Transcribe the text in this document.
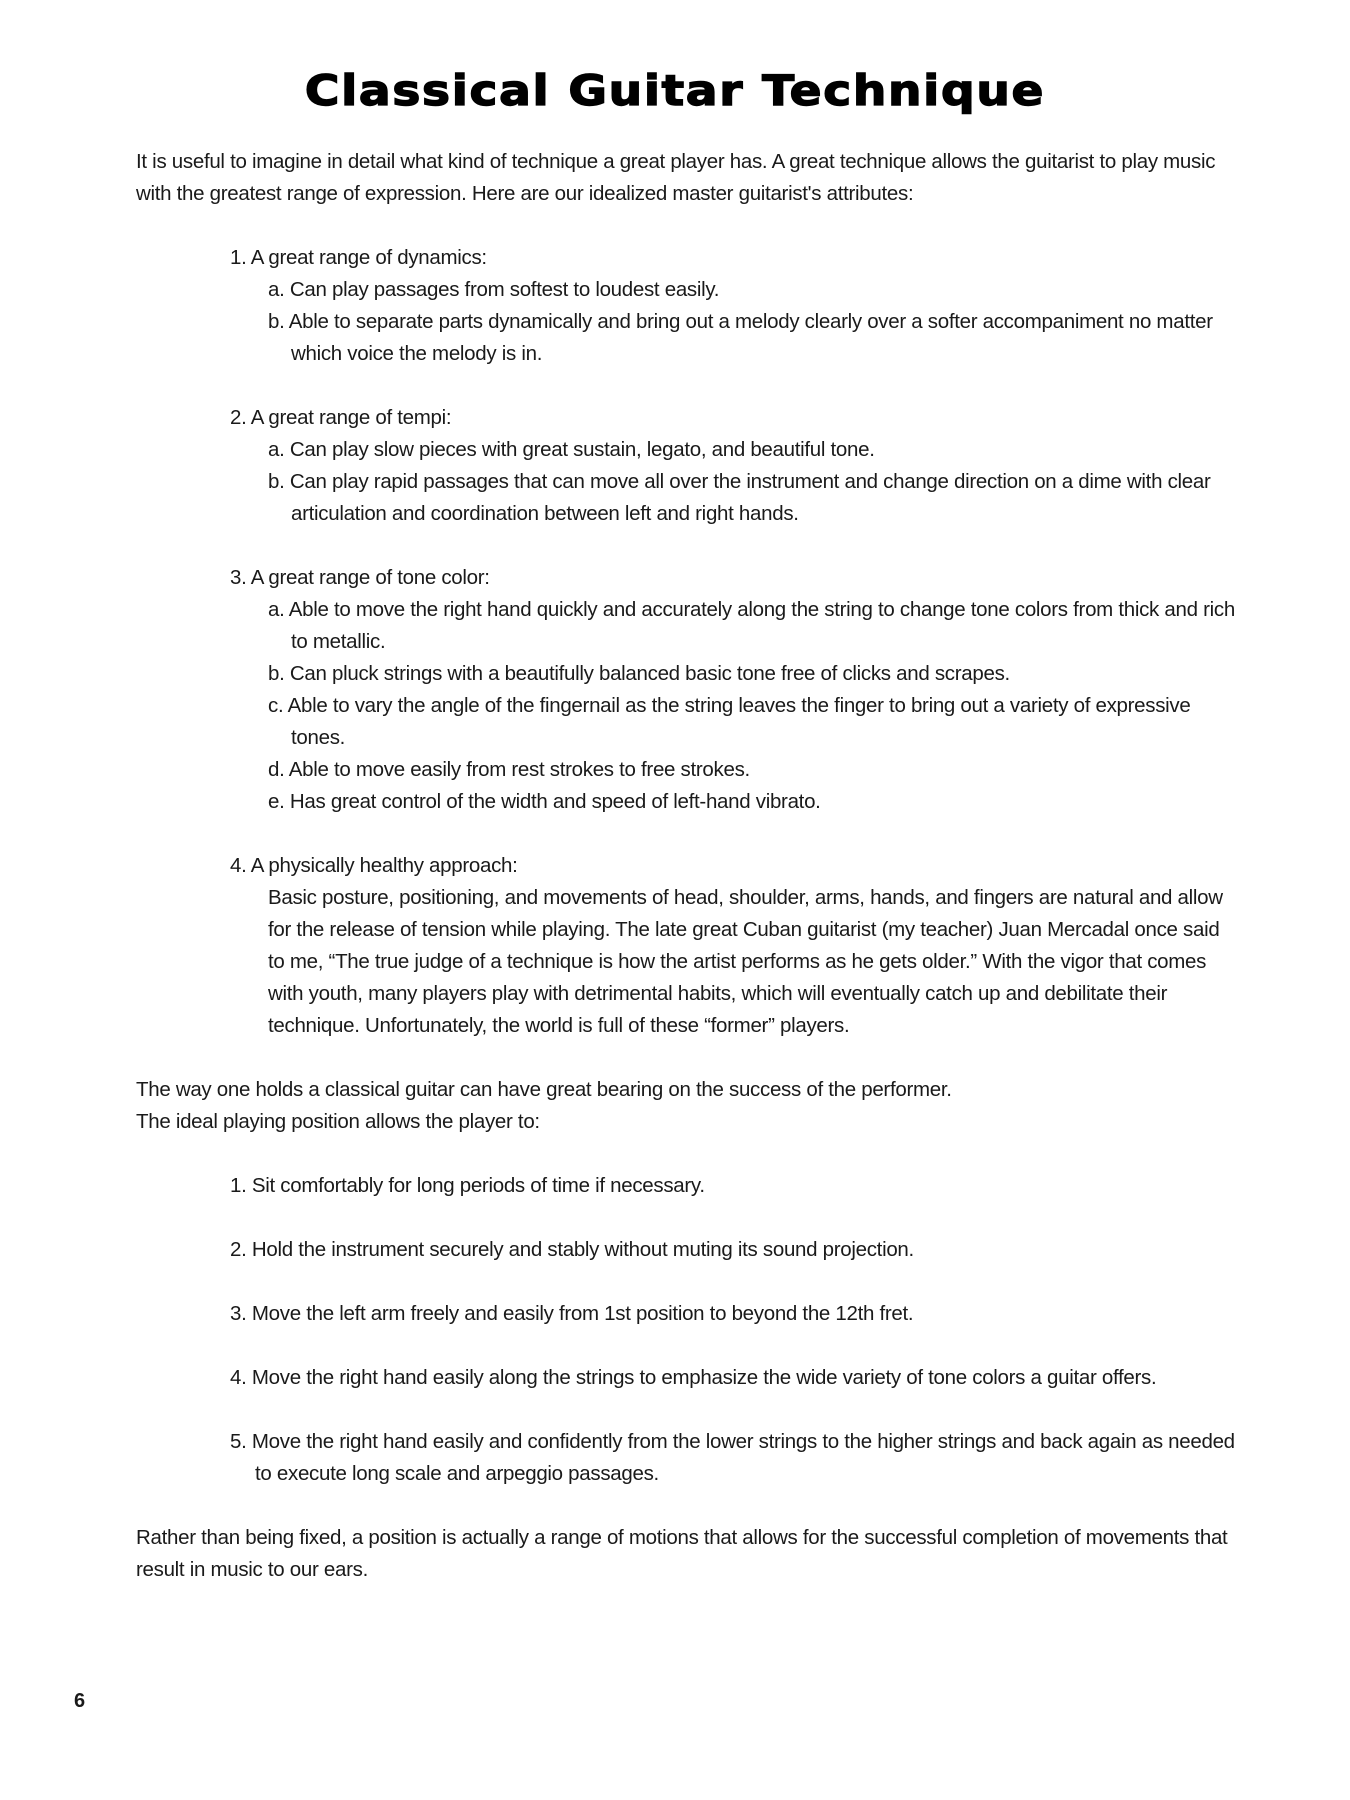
Classical Guitar Technique

It is useful to imagine in detail what kind of technique a great player has. A great technique allows the guitarist to play music with the greatest range of expression. Here are our idealized master guitarist's attributes:

1. A great range of dynamics:
a. Can play passages from softest to loudest easily.
b. Able to separate parts dynamically and bring out a melody clearly over a softer accompaniment no matter which voice the melody is in.
2. A great range of tempi:
a. Can play slow pieces with great sustain, legato, and beautiful tone.
b. Can play rapid passages that can move all over the instrument and change direction on a dime with clear articulation and coordination between left and right hands.
3. A great range of tone color:
a. Able to move the right hand quickly and accurately along the string to change tone colors from thick and rich to metallic.
b. Can pluck strings with a beautifully balanced basic tone free of clicks and scrapes.
c. Able to vary the angle of the fingernail as the string leaves the finger to bring out a variety of expressive tones.
d. Able to move easily from rest strokes to free strokes.
e. Has great control of the width and speed of left-hand vibrato.
4. A physically healthy approach:

Basic posture, positioning, and movements of head, shoulder, arms, hands, and fingers are natural and allow for the release of tension while playing. The late great Cuban guitarist (my teacher) Juan Mercadal once said to me, “The true judge of a technique is how the artist performs as he gets older.” With the vigor that comes with youth, many players play with detrimental habits, which will eventually catch up and debilitate their technique. Unfortunately, the world is full of these “former” players.

The way one holds a classical guitar can have great bearing on the success of the performer.

The ideal playing position allows the player to:

1. Sit comfortably for long periods of time if necessary.
2. Hold the instrument securely and stably without muting its sound projection.
3. Move the left arm freely and easily from 1st position to beyond the 12th fret.
4. Move the right hand easily along the strings to emphasize the wide variety of tone colors a guitar offers.
5. Move the right hand easily and confidently from the lower strings to the higher strings and back again as needed to execute long scale and arpeggio passages.

Rather than being fixed, a position is actually a range of motions that allows for the successful completion of movements that result in music to our ears.

6
